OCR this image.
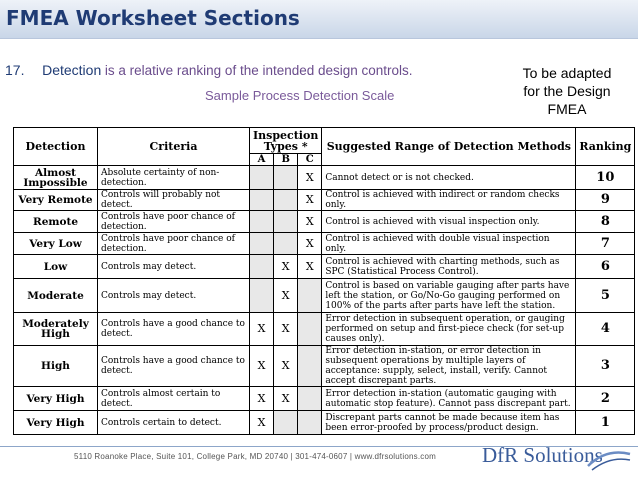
FMEA Worksheet Sections
17. Detection is a relative ranking of the intended design controls.
Sample Process Detection Scale
To be adapted
for the Design
FMEA
Detection	Criteria	Inspection Types *			Suggested Range of Detection Methods	Ranking
		A	B	C		
Almost Impossible	Absolute certainty of non-detection.			X	Cannot detect or is not checked.	10
Very Remote	Controls will probably not detect.			X	Control is achieved with indirect or random checks only.	9
Remote	Controls have poor chance of detection.			X	Control is achieved with visual inspection only.	8
Very Low	Controls have poor chance of detection.			X	Control is achieved with double visual inspection only.	7
Low	Controls may detect.		X	X	Control is achieved with charting methods, such as SPC (Statistical Process Control).	6
Moderate	Controls may detect.		X		Control is based on variable gauging after parts have left the station, or Go/No-Go gauging performed on 100% of the parts after parts have left the station.	5
Moderately High	Controls have a good chance to detect.	X	X		Error detection in subsequent operation, or gauging performed on setup and first-piece check (for set-up causes only).	4
High	Controls have a good chance to detect.	X	X		Error detection in-station, or error detection in subsequent operations by multiple layers of acceptance: supply, select, install, verify. Cannot accept discrepant parts.	3
Very High	Controls almost certain to detect.	X	X		Error detection in-station (automatic gauging with automatic stop feature). Cannot pass discrepant part.	2
Very High	Controls certain to detect.	X			Discrepant parts cannot be made because item has been error-proofed by process/product design.	1
5110 Roanoke Place, Suite 101, College Park, MD 20740 | 301-474-0607 | www.dfrsolutions.com DfR Solutions
